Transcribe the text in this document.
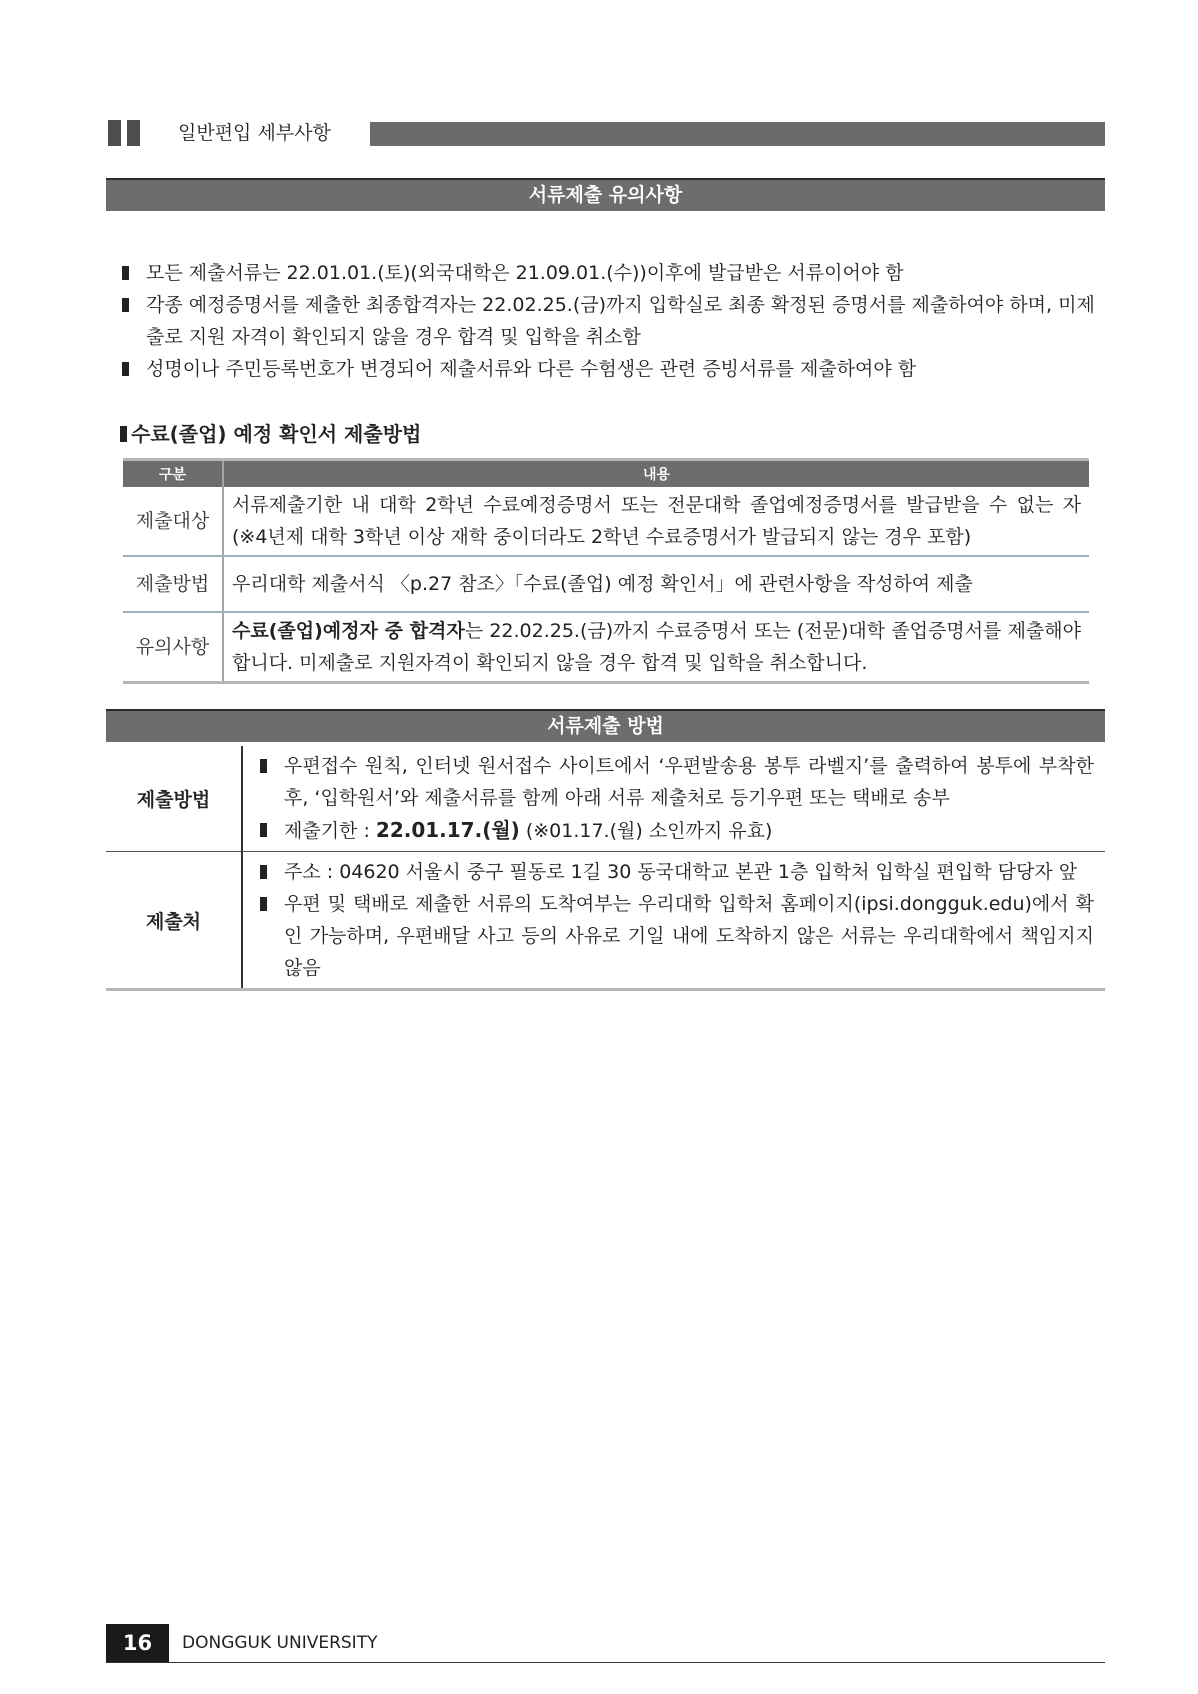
일반편입 세부사항
서류제출 유의사항
모든 제출서류는 22.01.01.(토)(외국대학은 21.09.01.(수))이후에 발급받은 서류이어야 함
각종 예정증명서를 제출한 최종합격자는 22.02.25.(금)까지 입학실로 최종 확정된 증명서를 제출하여야 하며, 미제출로 지원 자격이 확인되지 않을 경우 합격 및 입학을 취소함
성명이나 주민등록번호가 변경되어 제출서류와 다른 수험생은 관련 증빙서류를 제출하여야 함
수료(졸업) 예정 확인서 제출방법
구분	내용
제출대상	서류제출기한 내 대학 2학년 수료예정증명서 또는 전문대학 졸업예정증명서를 발급받을 수 없는 자 (※4년제 대학 3학년 이상 재학 중이더라도 2학년 수료증명서가 발급되지 않는 경우 포함)
제출방법	우리대학 제출서식 〈p.27 참조〉「수료(졸업) 예정 확인서」에 관련사항을 작성하여 제출
유의사항	수료(졸업)예정자 중 합격자는 22.02.25.(금)까지 수료증명서 또는 (전문)대학 졸업증명서를 제출해야 합니다. 미제출로 지원자격이 확인되지 않을 경우 합격 및 입학을 취소합니다.
서류제출 방법
제출방법	우편접수 원칙, 인터넷 원서접수 사이트에서 ‘우편발송용 봉투 라벨지’를 출력하여 봉투에 부착한 후, ‘입학원서’와 제출서류를 함께 아래 서류 제출처로 등기우편 또는 택배로 송부
제출기한 : 22.01.17.(월) (※01.17.(월) 소인까지 유효)

제출처	주소 : 04620 서울시 중구 필동로 1길 30 동국대학교 본관 1층 입학처 입학실 편입학 담당자 앞
우편 및 택배로 제출한 서류의 도착여부는 우리대학 입학처 홈페이지(ipsi.dongguk.edu)에서 확인 가능하며, 우편배달 사고 등의 사유로 기일 내에 도착하지 않은 서류는 우리대학에서 책임지지 않음
16	DONGGUK UNIVERSITY
